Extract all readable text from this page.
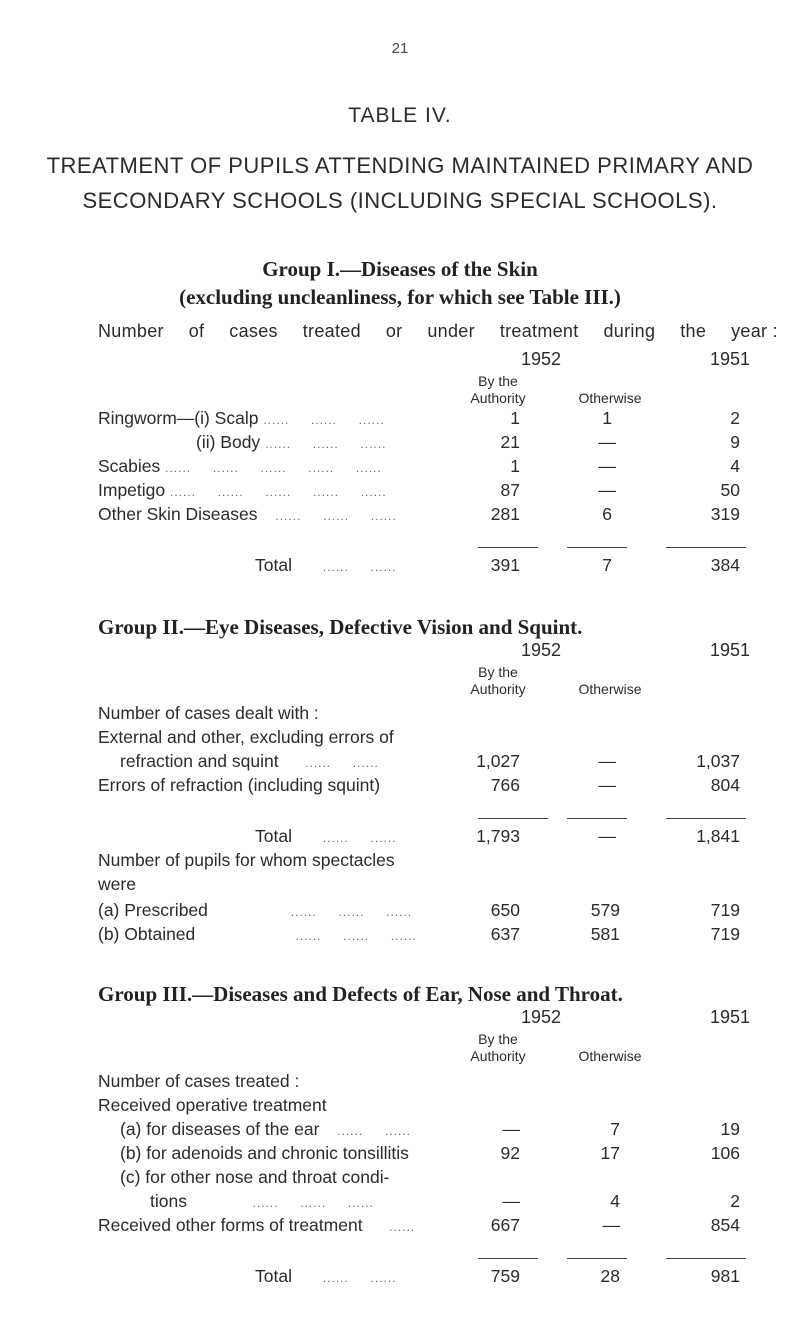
21
TABLE IV.
TREATMENT OF PUPILS ATTENDING MAINTAINED PRIMARY AND SECONDARY SCHOOLS (INCLUDING SPECIAL SCHOOLS).
Group I.—Diseases of the Skin
(excluding uncleanliness, for which see Table III.)
Number of cases treated or under treatment during the year :
1952	1951
By the
Authority	Otherwise
Ringworm—(i) Scalp ......     ......     ......	1	1	2
(ii) Body ......     ......     ......	21	—	9
Scabies ......     ......     ......     ......     ......	1	—	4
Impetigo ......     ......     ......     ......     ......	87	—	50
Other Skin Diseases    ......     ......     ......	281	6	319
Total       ......     ......	391	7	384
Group II.—Eye Diseases, Defective Vision and Squint.
1952	1951
By the
Authority	Otherwise
Number of cases dealt with :
External and other, excluding errors of
refraction and squint      ......     ......	1,027	—	1,037
Errors of refraction (including squint)	766	—	804
Total       ......     ......	1,793	—	1,841
Number of pupils for whom spectacles
were
(a) Prescribed                   ......     ......     ......	650	579	719
(b) Obtained                       ......     ......     ......	637	581	719
Group III.—Diseases and Defects of Ear, Nose and Throat.
1952	1951
By the
Authority	Otherwise
Number of cases treated :
Received operative treatment
(a) for diseases of the ear    ......     ......	—	7	19
(b) for adenoids and chronic tonsillitis	92	17	106
(c) for other nose and throat condi-
tions               ......     ......     ......	—	4	2
Received other forms of treatment      ......	667	—	854
Total       ......     ......	759	28	981
